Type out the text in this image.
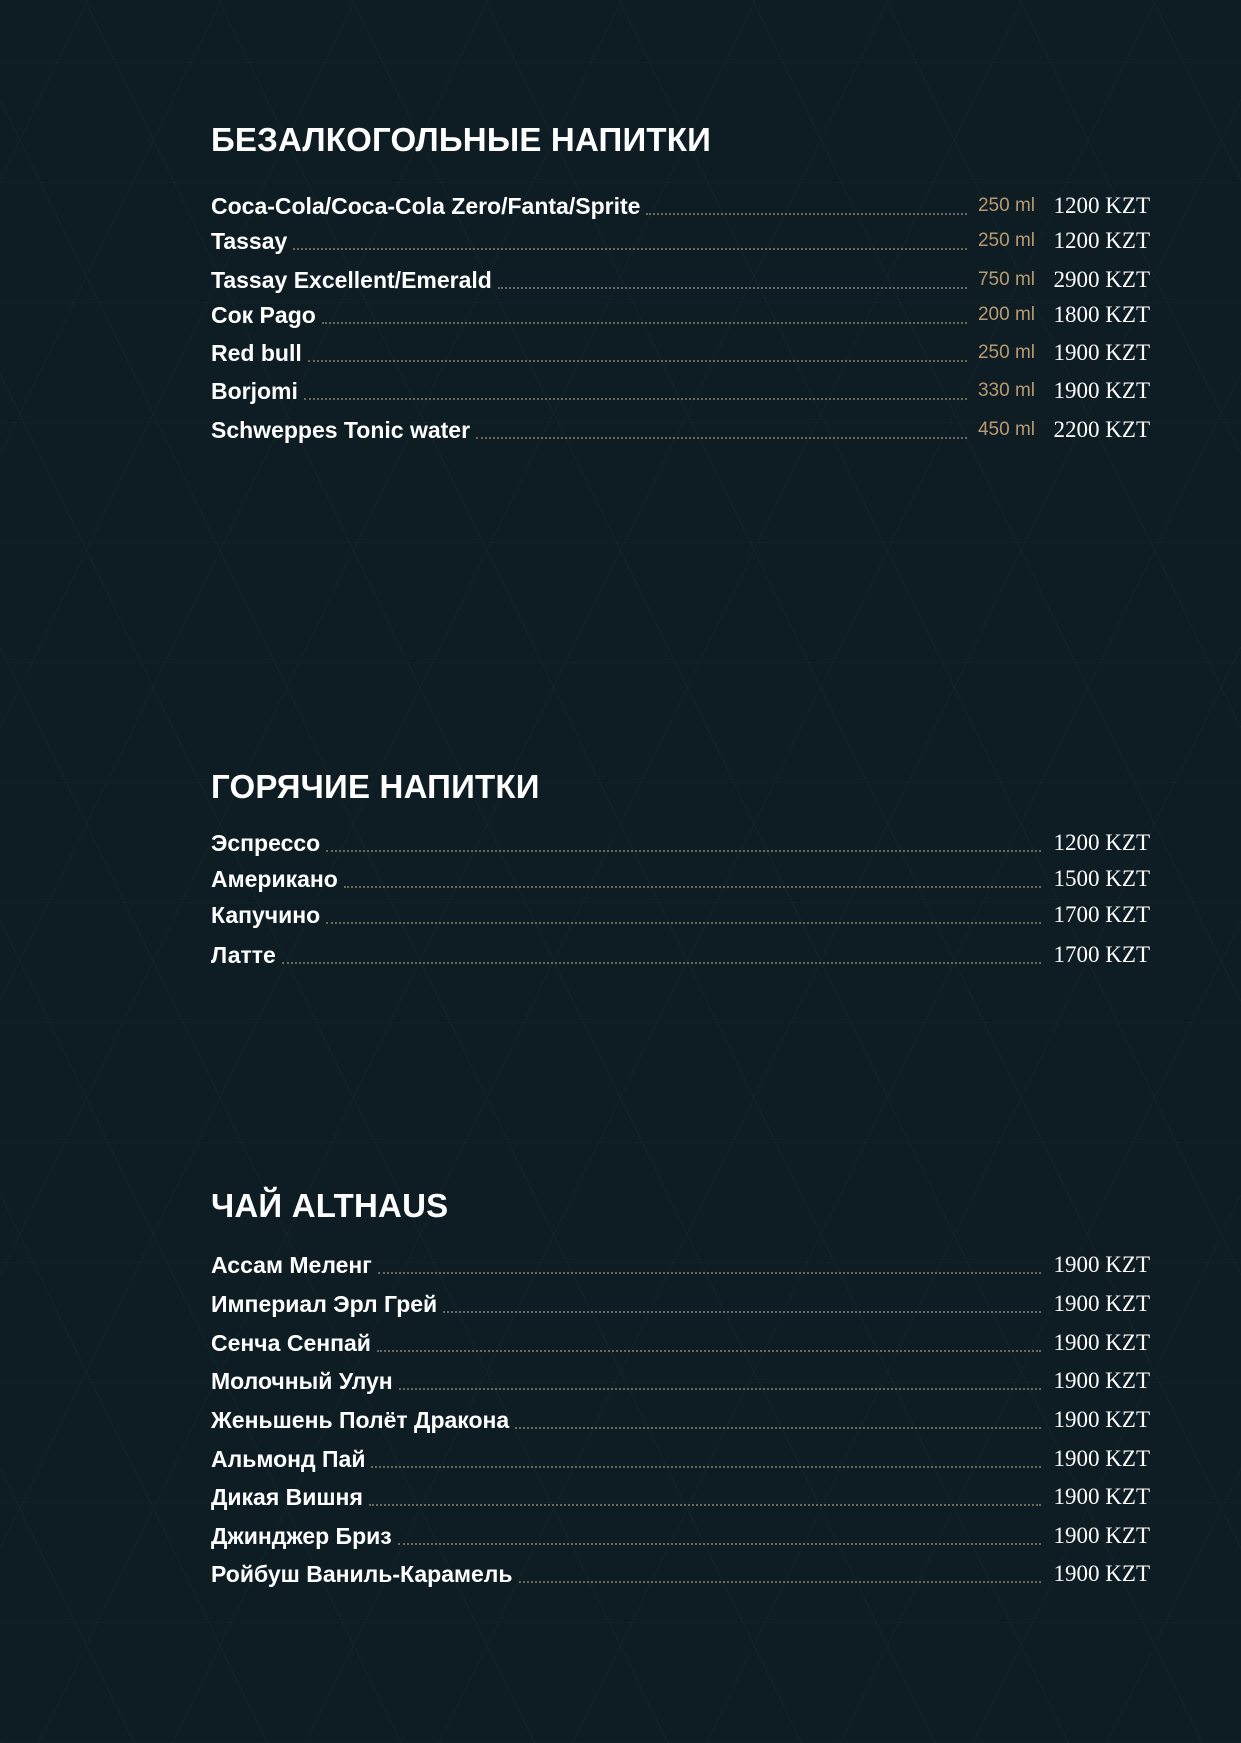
БЕЗАЛКОГОЛЬНЫЕ НАПИТКИ
Coca-Cola/Coca-Cola Zero/Fanta/Sprite	250 ml 1200 KZT
Tassay	250 ml 1200 KZT
Tassay Excellent/Emerald	750 ml 2900 KZT
Сок Pago	200 ml 1800 KZT
Red bull	250 ml 1900 KZT
Borjomi	330 ml 1900 KZT
Schweppes Tonic water	450 ml 2200 KZT
ГОРЯЧИЕ НАПИТКИ
Эспрессо	1200 KZT
Американо	1500 KZT
Капучино	1700 KZT
Латте	1700 KZT
ЧАЙ ALTHAUS
Ассам Меленг	1900 KZT
Империал Эрл Грей	1900 KZT
Сенча Сенпай	1900 KZT
Молочный Улун	1900 KZT
Женьшень Полёт Дракона	1900 KZT
Альмонд Пай	1900 KZT
Дикая Вишня	1900 KZT
Джинджер Бриз	1900 KZT
Ройбуш Ваниль-Карамель	1900 KZT
